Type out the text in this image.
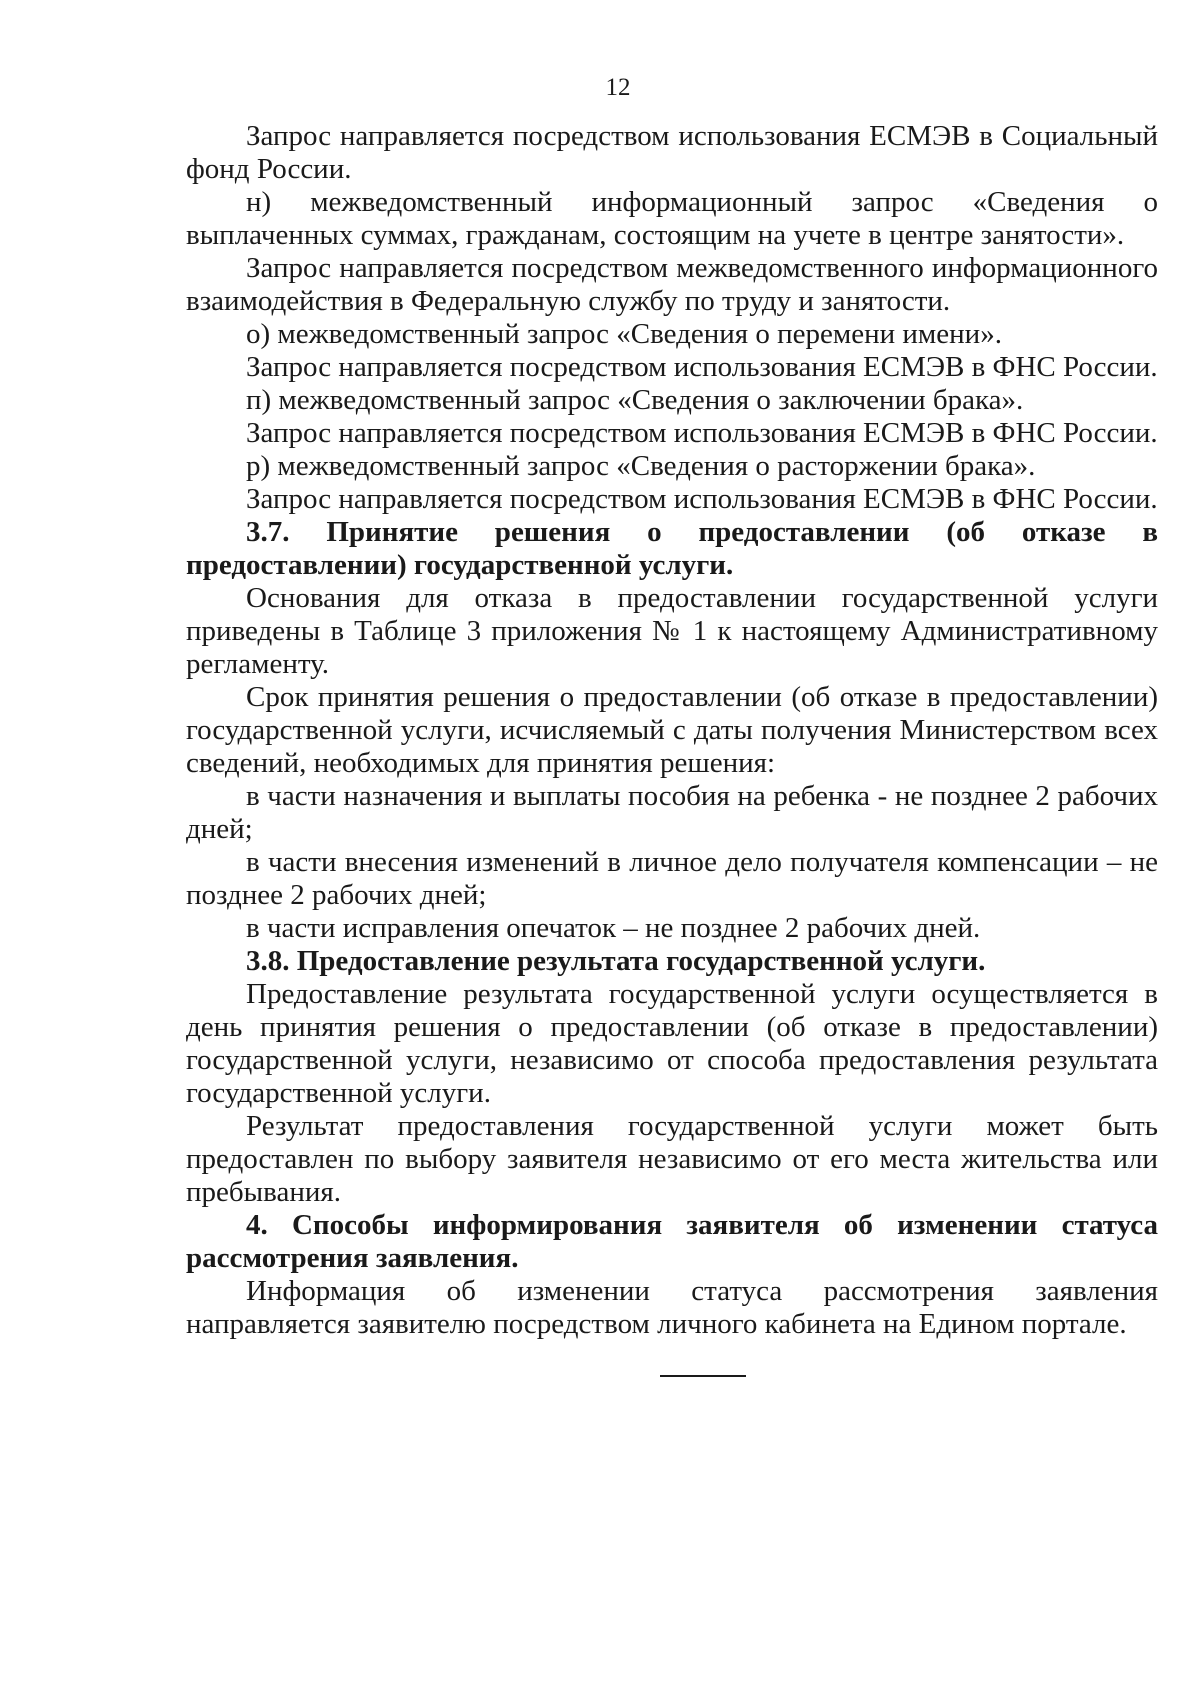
12

Запрос направляется посредством использования ЕСМЭВ в Социальный фонд России.

н) межведомственный информационный запрос «Сведения о выплаченных суммах, гражданам, состоящим на учете в центре занятости».

Запрос направляется посредством межведомственного информационного взаимодействия в Федеральную службу по труду и занятости.

о) межведомственный запрос «Сведения о перемени имени».

Запрос направляется посредством использования ЕСМЭВ в ФНС России.

п) межведомственный запрос «Сведения о заключении брака».

Запрос направляется посредством использования ЕСМЭВ в ФНС России.

р) межведомственный запрос «Сведения о расторжении брака».

Запрос направляется посредством использования ЕСМЭВ в ФНС России.

3.7. Принятие решения о предоставлении (об отказе в предоставлении) государственной услуги.

Основания для отказа в предоставлении государственной услуги приведены в Таблице 3 приложения № 1 к настоящему Административному регламенту.

Срок принятия решения о предоставлении (об отказе в предоставлении) государственной услуги, исчисляемый с даты получения Министерством всех сведений, необходимых для принятия решения:

в части назначения и выплаты пособия на ребенка - не позднее 2 рабочих дней;

в части внесения изменений в личное дело получателя компенсации – не позднее 2 рабочих дней;

в части исправления опечаток – не позднее 2 рабочих дней.

3.8. Предоставление результата государственной услуги.

Предоставление результата государственной услуги осуществляется в день принятия решения о предоставлении (об отказе в предоставлении) государственной услуги, независимо от способа предоставления результата государственной услуги.

Результат предоставления государственной услуги может быть предоставлен по выбору заявителя независимо от его места жительства или пребывания.

4. Способы информирования заявителя об изменении статуса рассмотрения заявления.

Информация об изменении статуса рассмотрения заявления направляется заявителю посредством личного кабинета на Едином портале.
